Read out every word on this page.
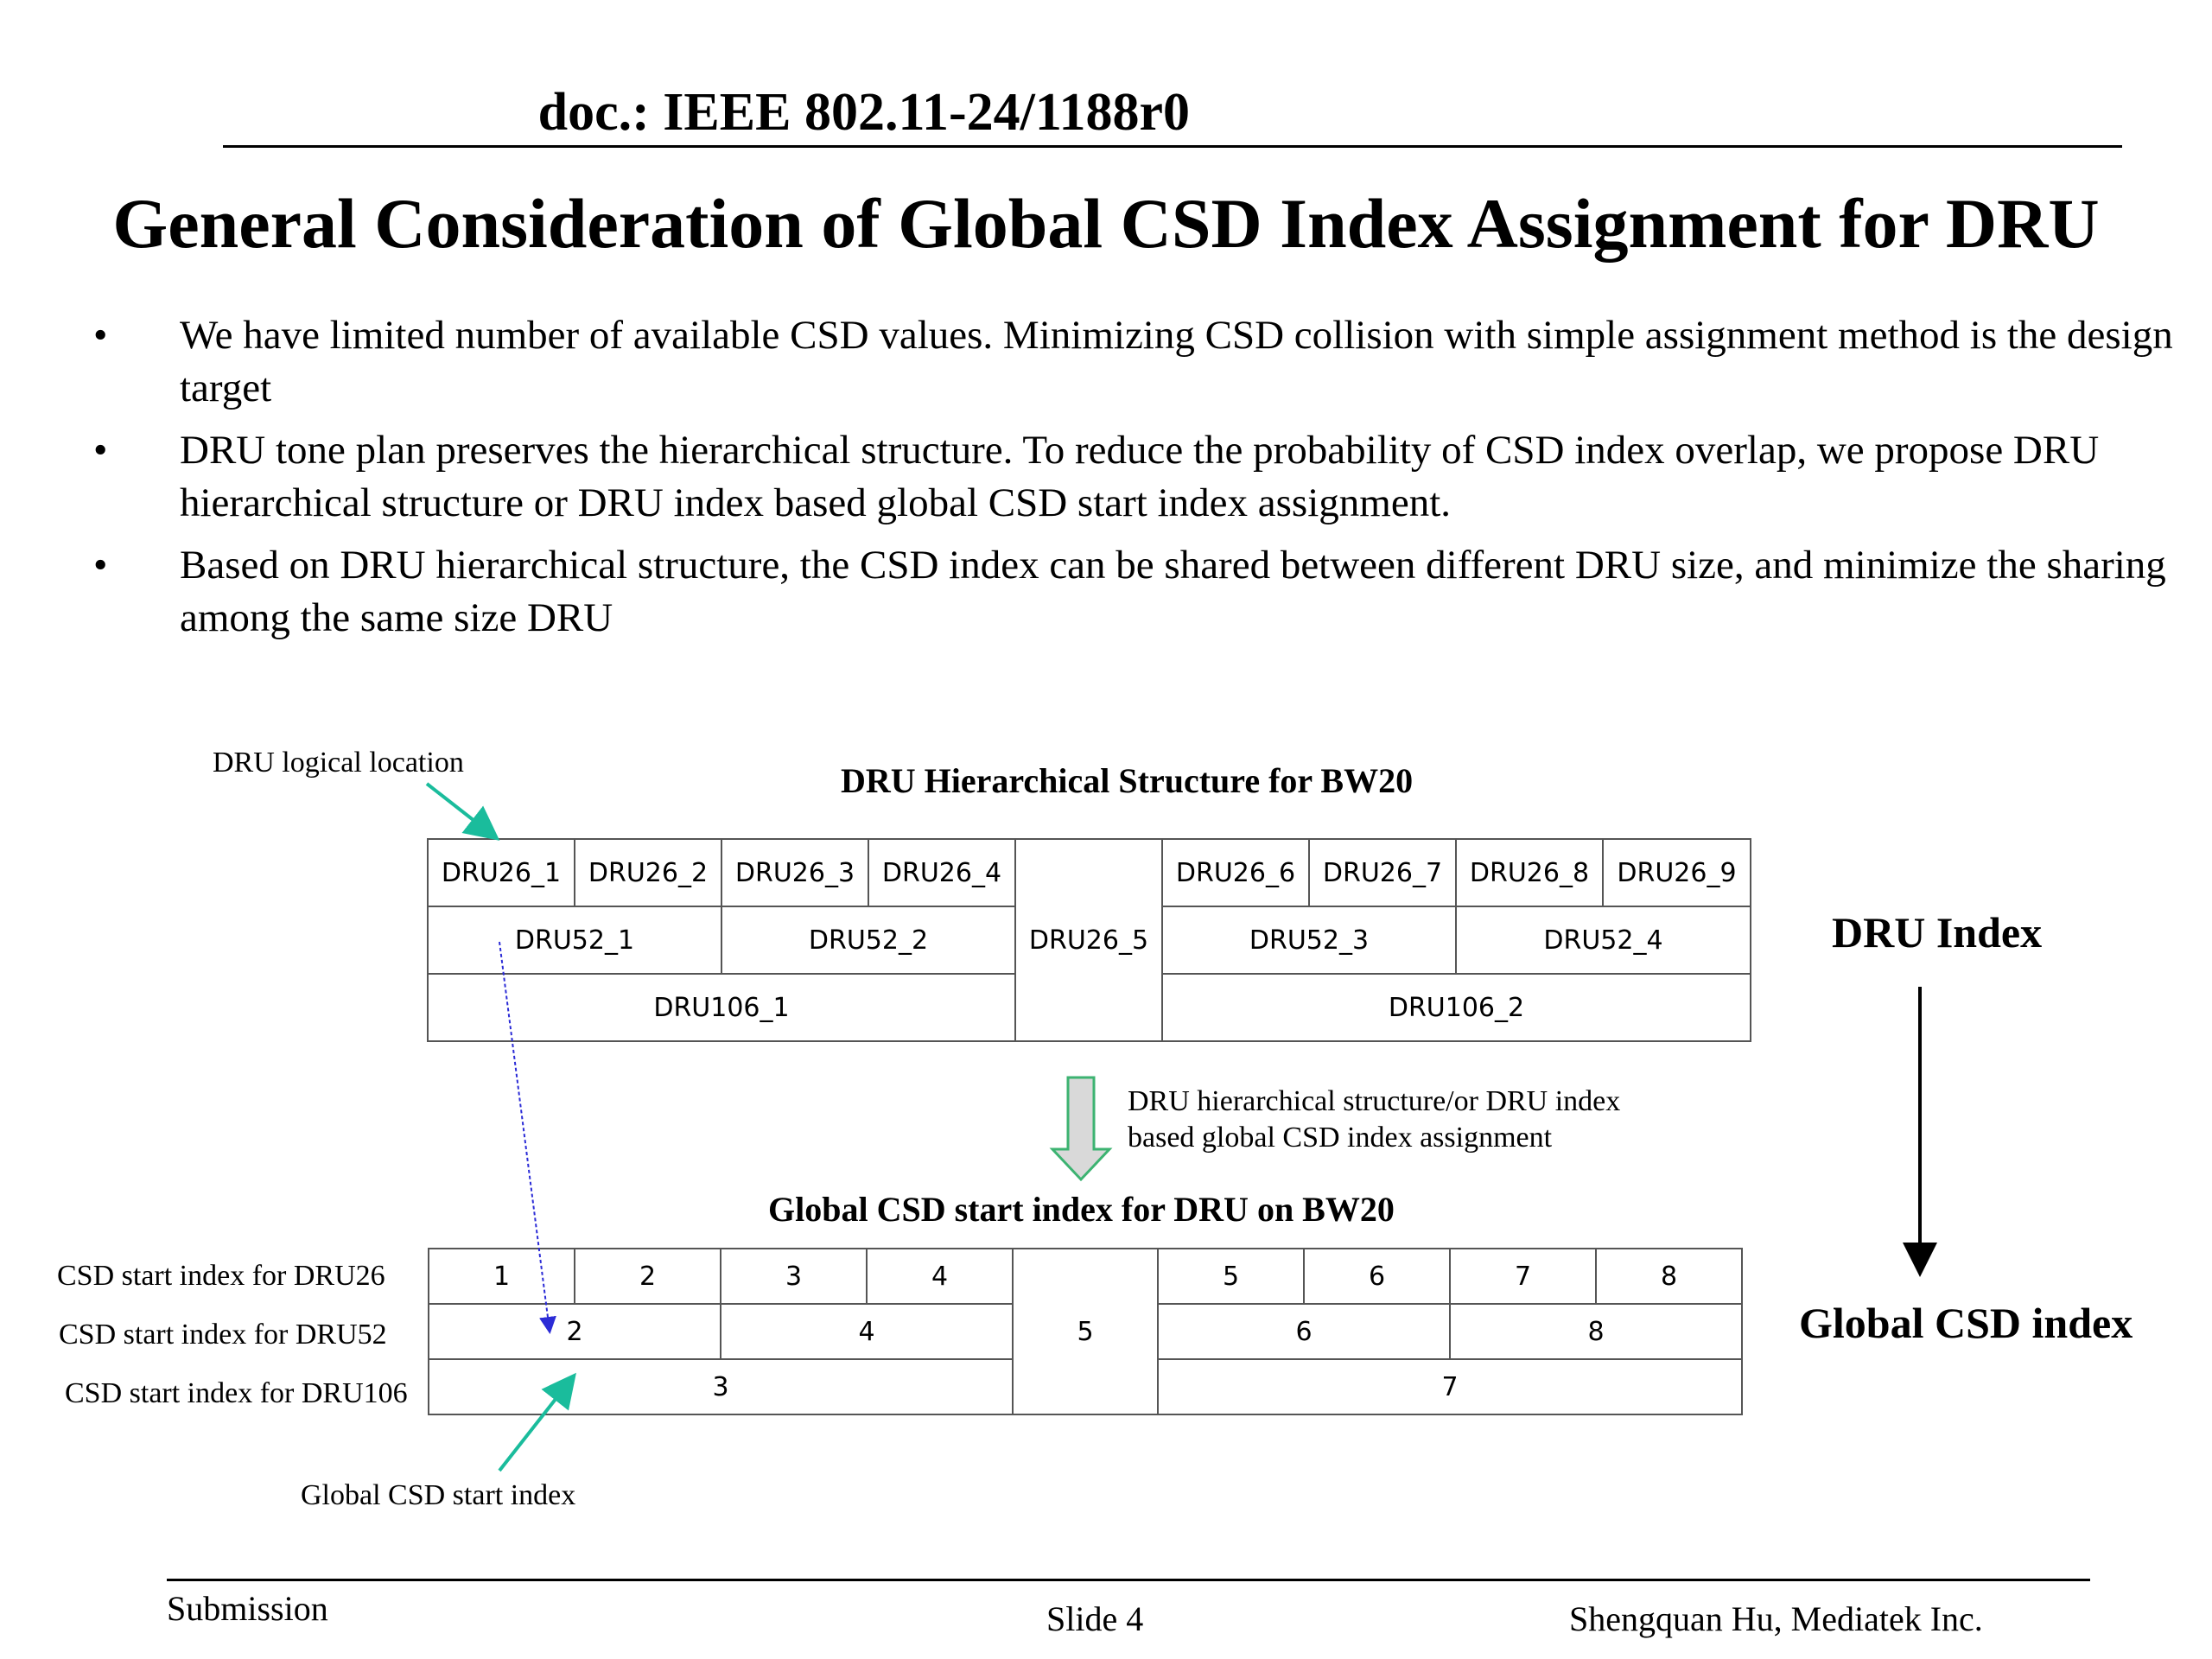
doc.: IEEE 802.11-24/1188r0
General Consideration of Global CSD Index Assignment for DRU
• We have limited number of available CSD values. Minimizing CSD collision with simple assignment method is the design target
• DRU tone plan preserves the hierarchical structure. To reduce the probability of CSD index overlap, we propose DRU hierarchical structure or DRU index based global CSD start index assignment.
• Based on DRU hierarchical structure, the CSD index can be shared between different DRU size, and minimize the sharing among the same size DRU
DRU logical location	DRU Hierarchical Structure for BW20
DRU26_1	DRU26_2	DRU26_3	DRU26_4	DRU26_5	DRU26_6	DRU26_7	DRU26_8	DRU26_9
DRU52_1		DRU52_2			DRU52_3		DRU52_4	
DRU106_1					DRU106_2			
DRU Index
Global CSD index
DRU hierarchical structure/or DRU index
based global CSD index assignment
Global CSD start index for DRU on BW20
CSD start index for DRU26
CSD start index for DRU52
CSD start index for DRU106
1	2	3	4	5	5	6	7	8
2		4			6		8	
3					7			
Global CSD start index
Submission	Slide 4	Shengquan Hu, Mediatek Inc.
